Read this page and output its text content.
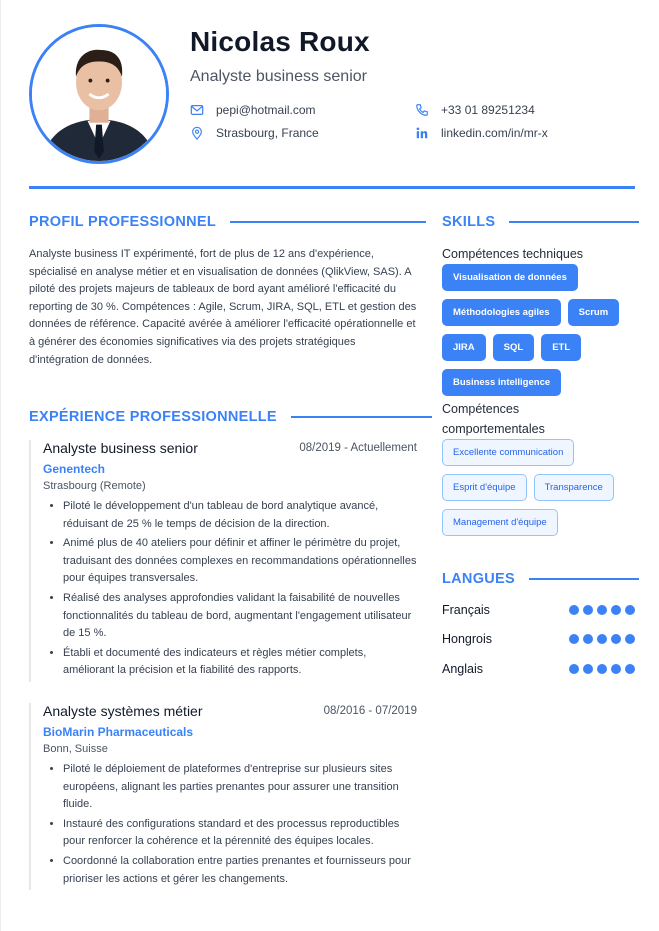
Nicolas Roux
Analyste business senior
pepi@hotmail.com	+33 01 89251234
Strasbourg, France	linkedin.com/in/mr-x
PROFIL PROFESSIONNEL
Analyste business IT expérimenté, fort de plus de 12 ans d'expérience, spécialisé en analyse métier et en visualisation de données (QlikView, SAS). A piloté des projets majeurs de tableaux de bord ayant amélioré l'efficacité du reporting de 30 %. Compétences : Agile, Scrum, JIRA, SQL, ETL et gestion des données de référence. Capacité avérée à améliorer l'efficacité opérationnelle et à générer des économies significatives via des projets stratégiques d'intégration de données.
EXPÉRIENCE PROFESSIONNELLE
Analyste business senior	08/2019 - Actuellement
Genentech
Strasbourg (Remote)
• Piloté le développement d'un tableau de bord analytique avancé, réduisant de 25 % le temps de décision de la direction.
• Animé plus de 40 ateliers pour définir et affiner le périmètre du projet, traduisant des données complexes en recommandations opérationnelles pour équipes transversales.
• Réalisé des analyses approfondies validant la faisabilité de nouvelles fonctionnalités du tableau de bord, augmentant l'engagement utilisateur de 15 %.
• Établi et documenté des indicateurs et règles métier complets, améliorant la précision et la fiabilité des rapports.
Analyste systèmes métier	08/2016 - 07/2019
BioMarin Pharmaceuticals
Bonn, Suisse
• Piloté le déploiement de plateformes d'entreprise sur plusieurs sites européens, alignant les parties prenantes pour assurer une transition fluide.
• Instauré des configurations standard et des processus reproductibles pour renforcer la cohérence et la pérennité des équipes locales.
• Coordonné la collaboration entre parties prenantes et fournisseurs pour prioriser les actions et gérer les changements.
SKILLS
Compétences techniques
Visualisation de données
Méthodologies agiles	Scrum
JIRA	SQL	ETL
Business intelligence
Compétences comportementales
Excellente communication
Esprit d'équipe	Transparence
Management d'équipe
LANGUES
Français
Hongrois
Anglais
